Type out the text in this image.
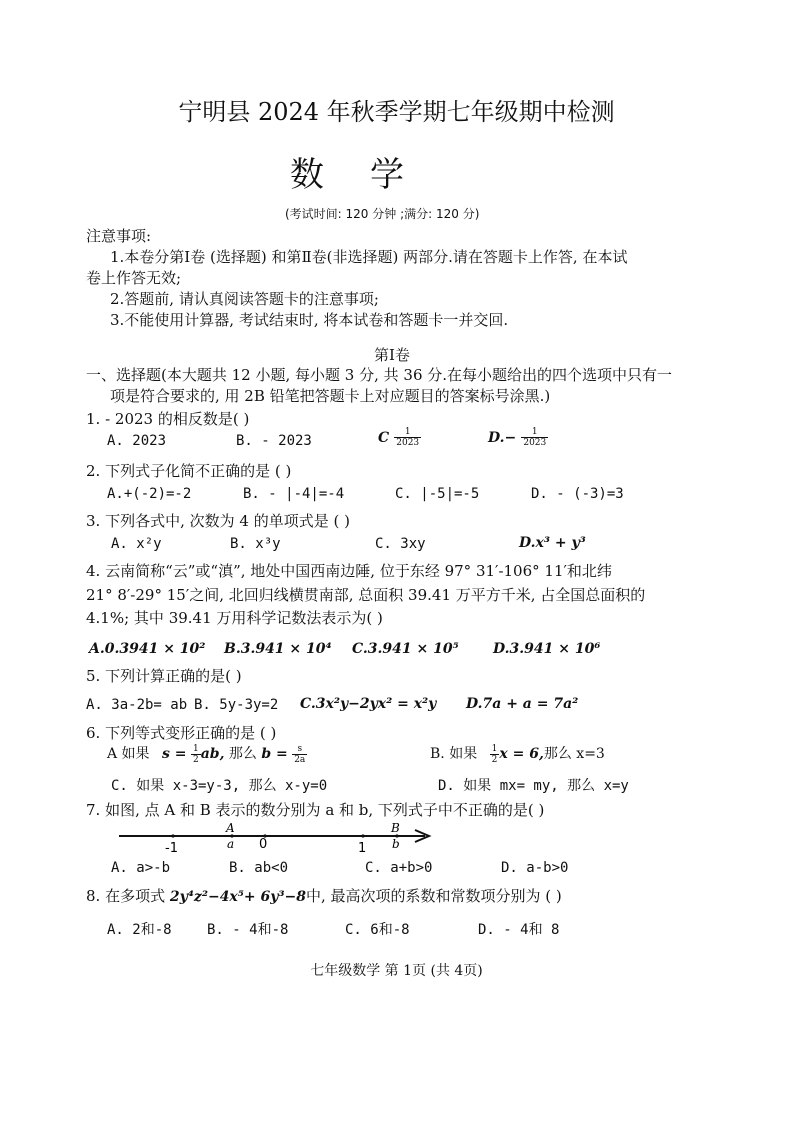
宁明县 2024 年秋季学期七年级期中检测
数 学
(考试时间: 120 分钟 ;满分: 120 分)
注意事项:
1.本卷分第Ⅰ卷 (选择题) 和第Ⅱ卷(非选择题) 两部分.请在答题卡上作答, 在本试
卷上作答无效;
2.答题前, 请认真阅读答题卡的注意事项;
3.不能使用计算器, 考试结束时, 将本试卷和答题卡一并交回.
第Ⅰ卷
一、选择题(本大题共 12 小题, 每小题 3 分, 共 36 分.在每小题给出的四个选项中只有一
项是符合要求的, 用 2B 铅笔把答题卡上对应题目的答案标号涂黑.)
1. - 2023 的相反数是( )
A. 2023	B. - 2023	C $\frac{1}{2023}$	$D.- \frac{1}{2023}$
2. 下列式子化简不正确的是 ( )
A.+(-2)=-2	B. - |-4|=-4	C. |-5|=-5	D. - (-3)=3
3. 下列各式中, 次数为 4 的单项式是 ( )
A. x²y	B. x³y	C. 3xy	D.x³ + y³
4. 云南简称“云”或“滇”, 地处中国西南边陲, 位于东经 97° 31′-106° 11′和北纬
21° 8′-29° 15′之间, 北回归线横贯南部, 总面积 39.41 万平方千米, 占全国总面积的
4.1%; 其中 39.41 万用科学记数法表示为( )
A.0.3941 × 10² B.3.941 × 10⁴ C.3.941 × 10⁵ D.3.941 × 10⁶
5. 下列计算正确的是( )
A. 3a-2b= ab B. 5y-3y=2 C.3x²y−2yx² = x²y D.7a + a = 7a²
6. 下列等式变形正确的是 ( )
A 如果 $s = \frac{1}{2}$ ab, 那么 $b = \frac{s}{2a}$	B. 如果 $\frac{1}{2}$ x = 6,那么 x=3
C. 如果 x-3=y-3, 那么 x-y=0	D. 如果 mx= my, 那么 x=y
7. 如图, 点 A 和 B 表示的数分别为 a 和 b, 下列式子中不正确的是( )
-1	0	1
A
a
B
b
A. a>-b	B. ab<0	C. a+b>0	D. a-b>0
8. 在多项式 2y⁴z²−4x⁵+ 6y³−8中, 最高次项的系数和常数项分别为 ( )
A. 2和-8	B. - 4和-8	C. 6和-8	D. - 4和 8
七年级数学 第 1页 (共 4页)
